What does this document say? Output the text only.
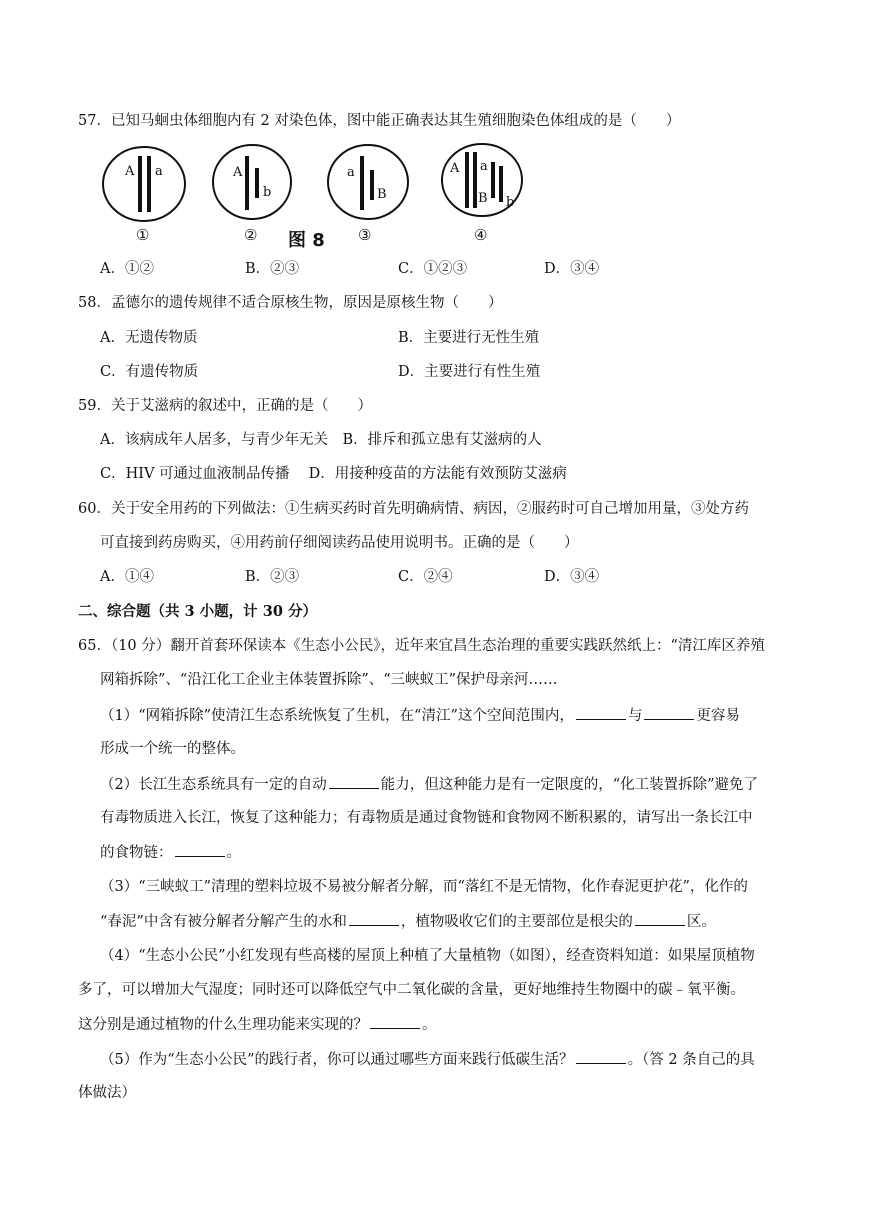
57．已知马蛔虫体细胞内有 2 对染色体，图中能正确表达其生殖细胞染色体组成的是（　　）
A a
①
A
b
② 图 8
a
B
③
A a
B b
④
A．①②	B．②③	C．①②③	D．③④
58．孟德尔的遗传规律不适合原核生物，原因是原核生物（　　）
A．无遗传物质	B．主要进行无性生殖
C．有遗传物质	D．主要进行有性生殖
59．关于艾滋病的叙述中，正确的是（　　）
A．该病成年人居多，与青少年无关　B．排斥和孤立患有艾滋病的人
C．HIV 可通过血液制品传播　 D．用接种疫苗的方法能有效预防艾滋病
60．关于安全用药的下列做法：①生病买药时首先明确病情、病因，②服药时可自己增加用量，③处方药
可直接到药房购买，④用药前仔细阅读药品使用说明书。正确的是（　　）
A．①④	B．②③	C．②④	D．③④
二、综合题（共 3 小题，计 30 分）
65．（10 分）翻开首套环保读本《生态小公民》，近年来宜昌生态治理的重要实践跃然纸上：“清江库区养殖
网箱拆除”、“沿江化工企业主体装置拆除”、“三峡蚁工”保护母亲河……
（1）“网箱拆除”使清江生态系统恢复了生机，在“清江”这个空间范围内，	与	更容易
形成一个统一的整体。
（2）长江生态系统具有一定的自动	能力，但这种能力是有一定限度的，“化工装置拆除”避免了
有毒物质进入长江，恢复了这种能力；有毒物质是通过食物链和食物网不断积累的，请写出一条长江中
的食物链：	。
（3）“三峡蚁工”清理的塑料垃圾不易被分解者分解，而“落红不是无情物，化作春泥更护花”，化作的
“春泥”中含有被分解者分解产生的水和	，植物吸收它们的主要部位是根尖的	区。
（4）“生态小公民”小红发现有些高楼的屋顶上种植了大量植物（如图），经查资料知道：如果屋顶植物
多了，可以增加大气湿度；同时还可以降低空气中二氧化碳的含量，更好地维持生物圈中的碳﹣氧平衡。
这分别是通过植物的什么生理功能来实现的？	。
（5）作为“生态小公民”的践行者，你可以通过哪些方面来践行低碳生活？	。（答 2 条自己的具
体做法）
